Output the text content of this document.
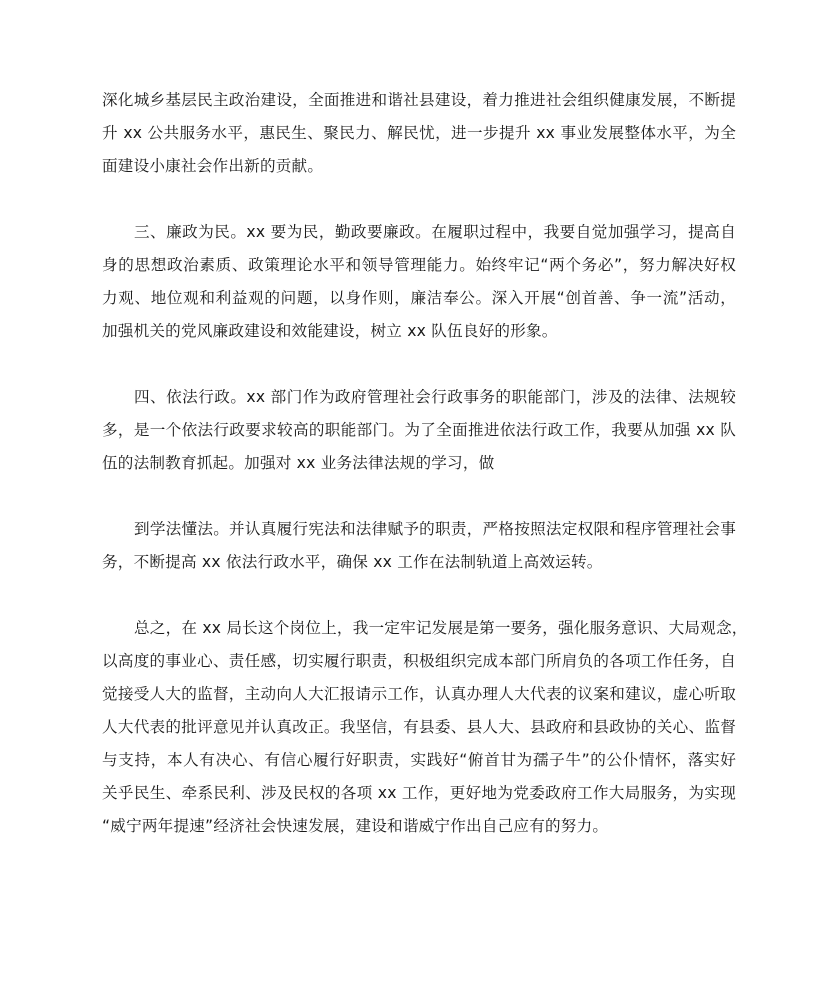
深化城乡基层民主政治建设，全面推进和谐社县建设，着力推进社会组织健康发展，不断提
升 xx 公共服务水平，惠民生、聚民力、解民忧，进一步提升 xx 事业发展整体水平，为全
面建设小康社会作出新的贡献。
三、廉政为民。xx 要为民，勤政要廉政。在履职过程中，我要自觉加强学习，提高自
身的思想政治素质、政策理论水平和领导管理能力。始终牢记“两个务必”，努力解决好权
力观、地位观和利益观的问题，以身作则，廉洁奉公。深入开展“创首善、争一流”活动，
加强机关的党风廉政建设和效能建设，树立 xx 队伍良好的形象。
四、依法行政。xx 部门作为政府管理社会行政事务的职能部门，涉及的法律、法规较
多，是一个依法行政要求较高的职能部门。为了全面推进依法行政工作，我要从加强 xx 队
伍的法制教育抓起。加强对 xx 业务法律法规的学习，做
到学法懂法。并认真履行宪法和法律赋予的职责，严格按照法定权限和程序管理社会事
务，不断提高 xx 依法行政水平，确保 xx 工作在法制轨道上高效运转。
总之，在 xx 局长这个岗位上，我一定牢记发展是第一要务，强化服务意识、大局观念，
以高度的事业心、责任感，切实履行职责，积极组织完成本部门所肩负的各项工作任务，自
觉接受人大的监督，主动向人大汇报请示工作，认真办理人大代表的议案和建议，虚心听取
人大代表的批评意见并认真改正。我坚信，有县委、县人大、县政府和县政协的关心、监督
与支持，本人有决心、有信心履行好职责，实践好“俯首甘为孺子牛”的公仆情怀，落实好
关乎民生、牵系民利、涉及民权的各项 xx 工作，更好地为党委政府工作大局服务，为实现
“威宁两年提速”经济社会快速发展，建设和谐威宁作出自己应有的努力。
